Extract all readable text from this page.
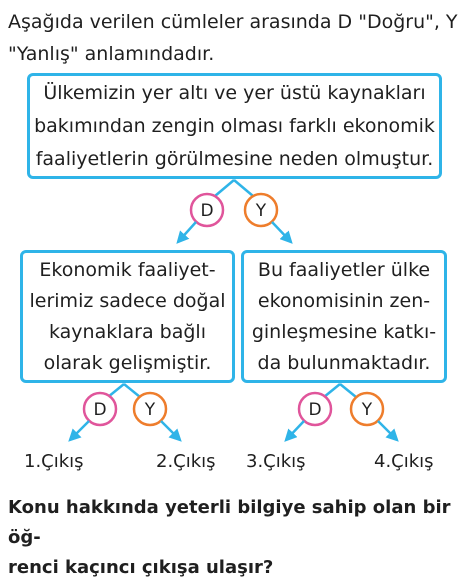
Aşağıda verilen cümleler arasında D "Doğru", Y
"Yanlış" anlamındadır.
D Y
D Y	D Y
Ülkemizin yer altı ve yer üstü kaynakları
bakımından zengin olması farklı ekonomik
faaliyetlerin görülmesine neden olmuştur.
Ekonomik faaliyet-
lerimiz sadece doğal
kaynaklara bağlı
olarak gelişmiştir.
Bu faaliyetler ülke
ekonomisinin zen-
ginleşmesine katkı-
da bulunmaktadır.
1.Çıkış	2.Çıkış 3.Çıkış	4.Çıkış
Konu hakkında yeterli bilgiye sahip olan bir öğ-
renci kaçıncı çıkışa ulaşır?
